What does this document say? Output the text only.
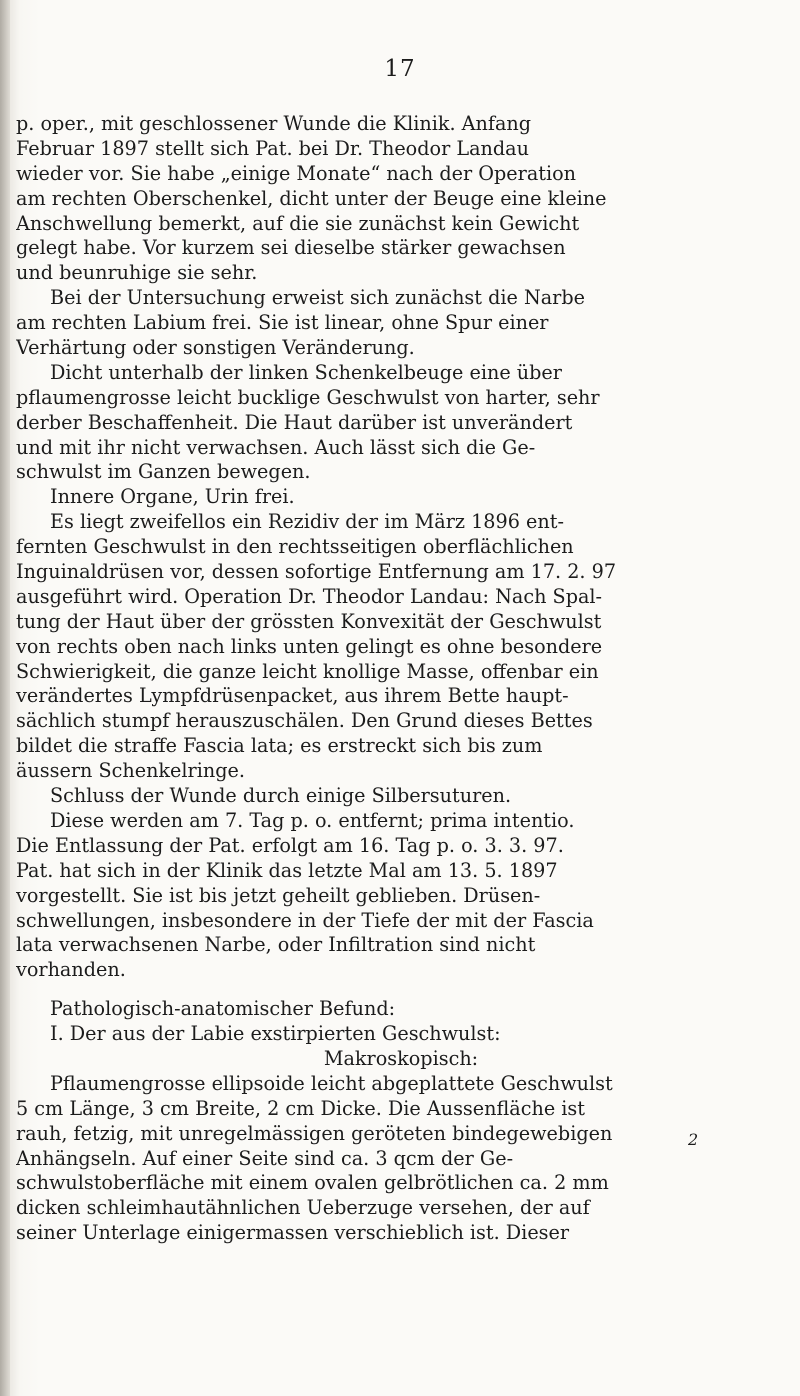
17
p. oper., mit geschlossener Wunde die Klinik. Anfang
Februar 1897 stellt sich Pat. bei Dr. Theodor Landau
wieder vor. Sie habe „einige Monate“ nach der Operation
am rechten Oberschenkel, dicht unter der Beuge eine kleine
Anschwellung bemerkt, auf die sie zunächst kein Gewicht
gelegt habe. Vor kurzem sei dieselbe stärker gewachsen
und beunruhige sie sehr.
Bei der Untersuchung erweist sich zunächst die Narbe
am rechten Labium frei. Sie ist linear, ohne Spur einer
Verhärtung oder sonstigen Veränderung.
Dicht unterhalb der linken Schenkelbeuge eine über
pflaumengrosse leicht bucklige Geschwulst von harter, sehr
derber Beschaffenheit. Die Haut darüber ist unverändert
und mit ihr nicht verwachsen. Auch lässt sich die Ge-
schwulst im Ganzen bewegen.
Innere Organe, Urin frei.
Es liegt zweifellos ein Rezidiv der im März 1896 ent-
fernten Geschwulst in den rechtsseitigen oberflächlichen
Inguinaldrüsen vor, dessen sofortige Entfernung am 17. 2. 97
ausgeführt wird. Operation Dr. Theodor Landau: Nach Spal-
tung der Haut über der grössten Konvexität der Geschwulst
von rechts oben nach links unten gelingt es ohne besondere
Schwierigkeit, die ganze leicht knollige Masse, offenbar ein
verändertes Lympfdrüsenpacket, aus ihrem Bette haupt-
sächlich stumpf herauszuschälen. Den Grund dieses Bettes
bildet die straffe Fascia lata; es erstreckt sich bis zum
äussern Schenkelringe.
Schluss der Wunde durch einige Silbersuturen.
Diese werden am 7. Tag p. o. entfernt; prima intentio.
Die Entlassung der Pat. erfolgt am 16. Tag p. o. 3. 3. 97.
Pat. hat sich in der Klinik das letzte Mal am 13. 5. 1897
vorgestellt. Sie ist bis jetzt geheilt geblieben. Drüsen-
schwellungen, insbesondere in der Tiefe der mit der Fascia
lata verwachsenen Narbe, oder Infiltration sind nicht
vorhanden.
Pathologisch-anatomischer Befund:
I. Der aus der Labie exstirpierten Geschwulst:
Makroskopisch:
Pflaumengrosse ellipsoide leicht abgeplattete Geschwulst
5 cm Länge, 3 cm Breite, 2 cm Dicke. Die Aussenfläche ist
rauh, fetzig, mit unregelmässigen geröteten bindegewebigen
Anhängseln. Auf einer Seite sind ca. 3 qcm der Ge-
schwulstoberfläche mit einem ovalen gelbrötlichen ca. 2 mm
dicken schleimhautähnlichen Ueberzuge versehen, der auf
seiner Unterlage einigermassen verschieblich ist. Dieser
2
